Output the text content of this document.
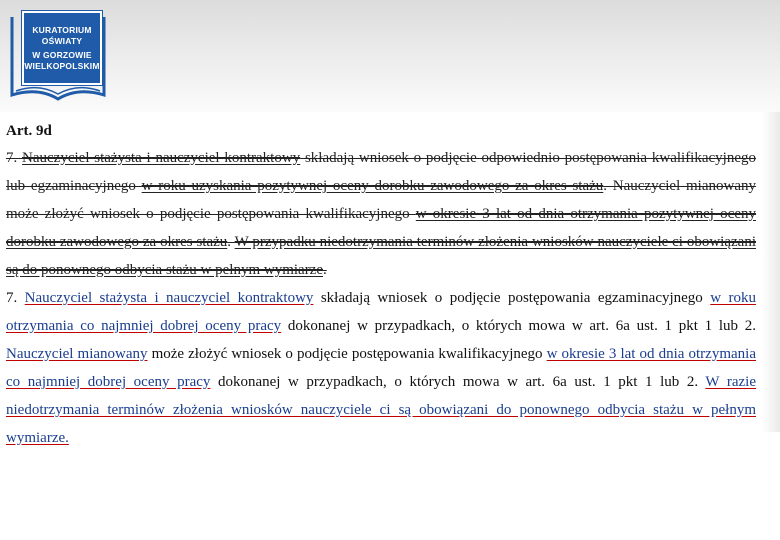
KURATORIUM
OŚWIATY
W GORZOWIE
WIELKOPOLSKIM

Art. 9d

7. Nauczyciel stażysta i nauczyciel kontraktowy składają wniosek o podjęcie odpowiednio postępowania kwalifikacyjnego lub egzaminacyjnego w roku uzyskania pozytywnej oceny dorobku zawodowego za okres stażu. Nauczyciel mianowany może złożyć wniosek o podjęcie postępowania kwalifikacyjnego w okresie 3 lat od dnia otrzymania pozytywnej oceny dorobku zawodowego za okres stażu. W przypadku niedotrzymania terminów złożenia wniosków nauczyciele ci obowiązani są do ponownego odbycia stażu w pełnym wymiarze.

7. Nauczyciel stażysta i nauczyciel kontraktowy składają wniosek o podjęcie postępowania egzaminacyjnego w roku otrzymania co najmniej dobrej oceny pracy dokonanej w przypadkach, o których mowa w art. 6a ust. 1 pkt 1 lub 2. Nauczyciel mianowany może złożyć wniosek o podjęcie postępowania kwalifikacyjnego w okresie 3 lat od dnia otrzymania co najmniej dobrej oceny pracy dokonanej w przypadkach, o których mowa w art. 6a ust. 1 pkt 1 lub 2. W razie niedotrzymania terminów złożenia wniosków nauczyciele ci są obowiązani do ponownego odbycia stażu w pełnym wymiarze.
